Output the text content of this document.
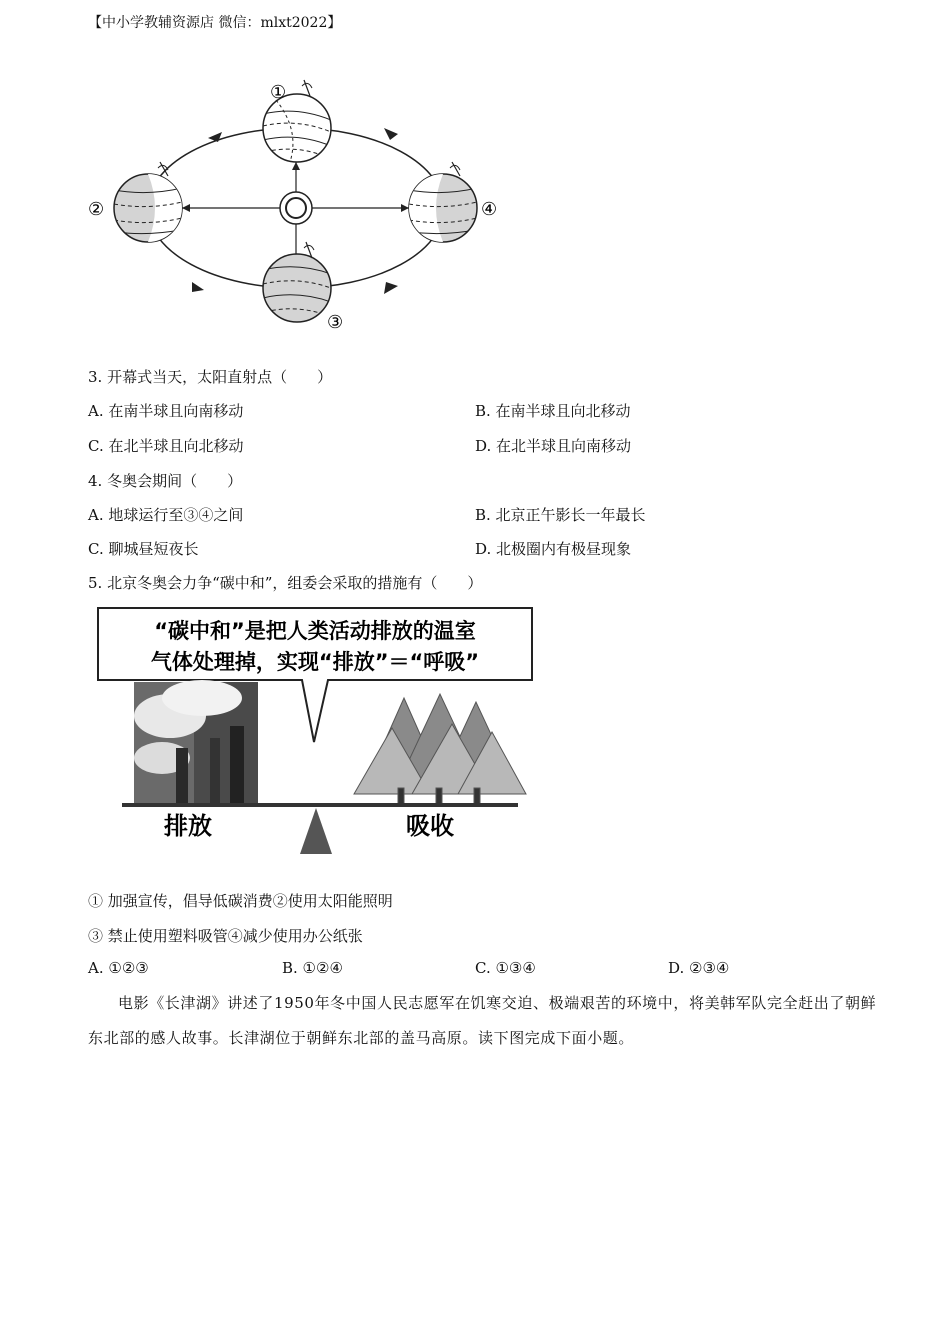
【中小学教辅资源店 微信：mlxt2022】
①
②
③
④
3. 开幕式当天，太阳直射点（　　）
A. 在南半球且向南移动	B. 在南半球且向北移动
C. 在北半球且向北移动	D. 在北半球且向南移动
4. 冬奥会期间（　　）
A. 地球运行至③④之间	B. 北京正午影长一年最长
C. 聊城昼短夜长	D. 北极圈内有极昼现象
5. 北京冬奥会力争“碳中和”，组委会采取的措施有（　　）
“碳中和”是把人类活动排放的温室
气体处理掉，实现“排放”＝“呼吸”
排放	吸收
① 加强宣传，倡导低碳消费②使用太阳能照明
③ 禁止使用塑料吸管④减少使用办公纸张
A. ①②③	B. ①②④	C. ①③④	D. ②③④
电影《长津湖》讲述了1950年冬中国人民志愿军在饥寒交迫、极端艰苦的环境中，将美韩军队完全赶出了朝鲜东北部的感人故事。长津湖位于朝鲜东北部的盖马高原。读下图完成下面小题。
